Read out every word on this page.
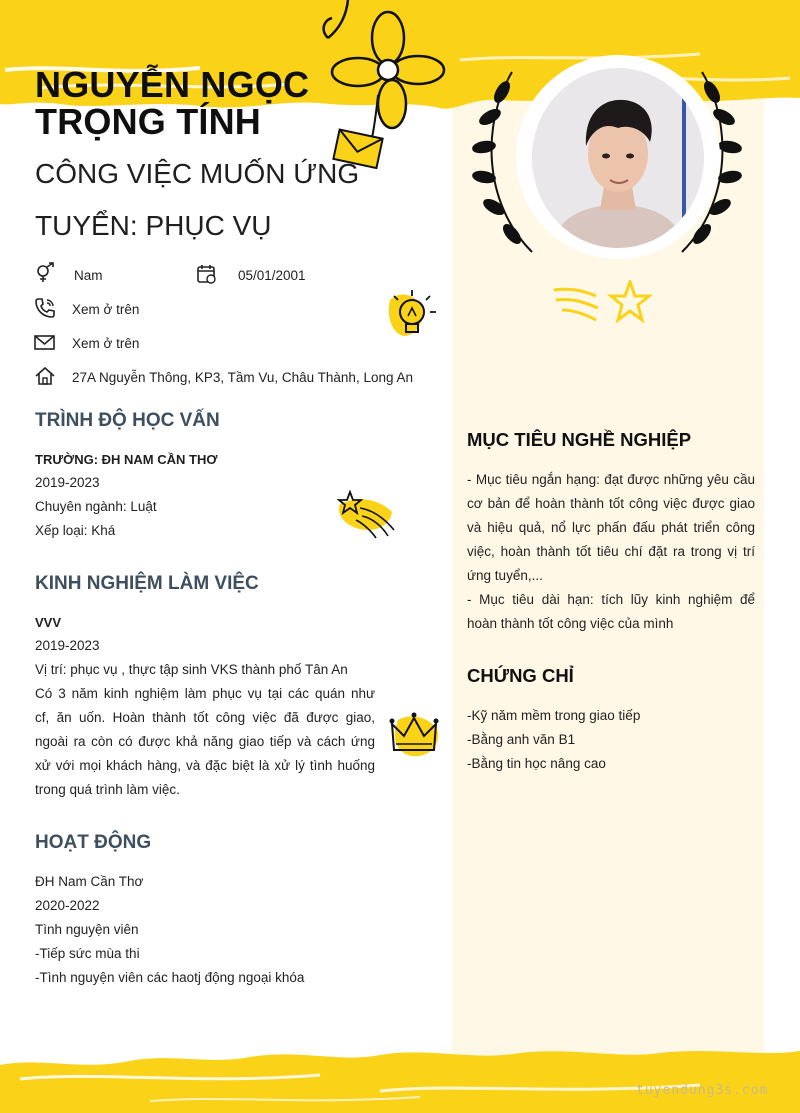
NGUYỄN NGỌC TRỌNG TÍNH
CÔNG VIỆC MUỐN ỨNG
TUYỂN: PHỤC VỤ
Nam	05/01/2001
Xem ở trên
Xem ở trên
27A Nguyễn Thông, KP3, Tầm Vu, Châu Thành, Long An
TRÌNH ĐỘ HỌC VẤN
TRƯỜNG: ĐH NAM CẦN THƠ
2019-2023
Chuyên ngành: Luật
Xếp loại: Khá
KINH NGHIỆM LÀM VIỆC
VVV
2019-2023
Vị trí: phục vụ , thực tập sinh VKS thành phố Tân An
Có 3 năm kinh nghiệm làm phục vụ tại các quán như
cf, ăn uốn. Hoàn thành tốt công việc đã được giao,
ngoài ra còn có được khả năng giao tiếp và cách ứng
xử với mọi khách hàng, và đặc biệt là xử lý tình huống
trong quá trình làm việc.
HOẠT ĐỘNG
ĐH Nam Cần Thơ
2020-2022
Tình nguyện viên
-Tiếp sức mùa thi
-Tình nguyện viên các haotj động ngoại khóa
MỤC TIÊU NGHỀ NGHIỆP
- Mục tiêu ngắn hạng: đạt được những yêu cầu
cơ bản để hoàn thành tốt công việc được giao
và hiệu quả, nổ lực phấn đấu phát triển công
việc, hoàn thành tốt tiêu chí đặt ra trong vị trí
ứng tuyển,...
- Mục tiêu dài hạn: tích lũy kinh nghiệm để
hoàn thành tốt công việc của mình
CHỨNG CHỈ
-Kỹ năm mềm trong giao tiếp
-Bằng anh văn B1
-Bằng tin học nâng cao
tuyendung3s.com
